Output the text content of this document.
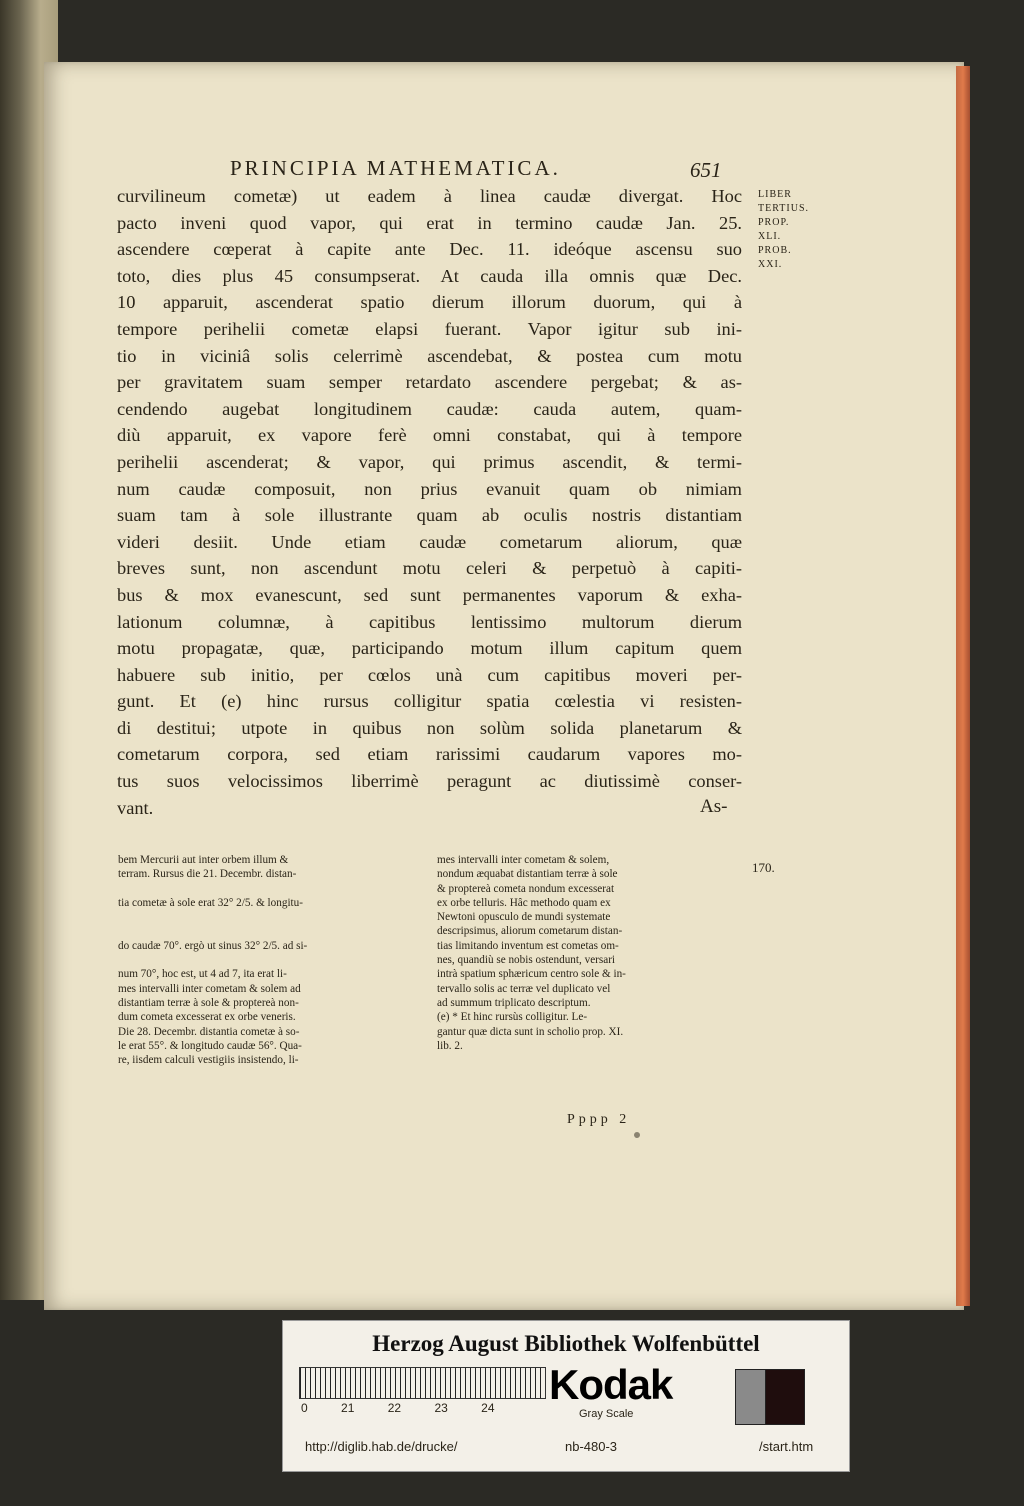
PRINCIPIA MATHEMATICA.	651
LIBER
TERTIUS.
PROP.
XLI.
PROB.
XXI.
curvilineum cometæ) ut eadem à linea caudæ divergat. Hoc
pacto inveni quod vapor, qui erat in termino caudæ Jan. 25.
ascendere cœperat à capite ante Dec. 11. ideóque ascensu suo
toto, dies plus 45 consumpserat. At cauda illa omnis quæ Dec.
10 apparuit, ascenderat spatio dierum illorum duorum, qui à
tempore perihelii cometæ elapsi fuerant. Vapor igitur sub ini-
tio in viciniâ solis celerrimè ascendebat, & postea cum motu
per gravitatem suam semper retardato ascendere pergebat; & as-
cendendo augebat longitudinem caudæ: cauda autem, quam-
diù apparuit, ex vapore ferè omni constabat, qui à tempore
perihelii ascenderat; & vapor, qui primus ascendit, & termi-
num caudæ composuit, non prius evanuit quam ob nimiam
suam tam à sole illustrante quam ab oculis nostris distantiam
videri desiit. Unde etiam caudæ cometarum aliorum, quæ
breves sunt, non ascendunt motu celeri & perpetuò à capiti-
bus & mox evanescunt, sed sunt permanentes vaporum & exha-
lationum columnæ, à capitibus lentissimo multorum dierum
motu propagatæ, quæ, participando motum illum capitum quem
habuere sub initio, per cœlos unà cum capitibus moveri per-
gunt. Et (e) hinc rursus colligitur spatia cœlestia vi resisten-
di destitui; utpote in quibus non solùm solida planetarum &
cometarum corpora, sed etiam rarissimi caudarum vapores mo-
tus suos velocissimos liberrimè peragunt ac diutissimè conser-
vant.	As-
bem Mercurii aut inter orbem illum &
terram. Rursus die 21. Decembr. distan-

tia cometæ à sole erat 32° 2/5. & longitu-

do caudæ 70°. ergò ut sinus 32° 2/5. ad si-

num 70°, hoc est, ut 4 ad 7, ita erat li-
mes intervalli inter cometam & solem ad
distantiam terræ à sole & proptereà non-
dum cometa excesserat ex orbe veneris.
Die 28. Decembr. distantia cometæ à so-
le erat 55°. & longitudo caudæ 56°. Qua-
re, iisdem calculi vestigiis insistendo, li-
mes intervalli inter cometam & solem,
nondum æquabat distantiam terræ à sole
& proptereà cometa nondum excesserat
ex orbe telluris. Hâc methodo quam ex
Newtoni opusculo de mundi systemate
descripsimus, aliorum cometarum distan-
tias limitando inventum est cometas om-
nes, quandiù se nobis ostendunt, versari
intrà spatium sphæricum centro sole & in-
tervallo solis ac terræ vel duplicato vel
ad summum triplicato descriptum.
(e) * Et hinc rursùs colligitur. Le-
gantur quæ dicta sunt in scholio prop. XI.
lib. 2.
170.
Pppp 2
Herzog August Bibliothek Wolfenbüttel
0	21	22	23	24	Kodak
Gray Scale
http://diglib.hab.de/drucke/	nb-480-3	/start.htm
